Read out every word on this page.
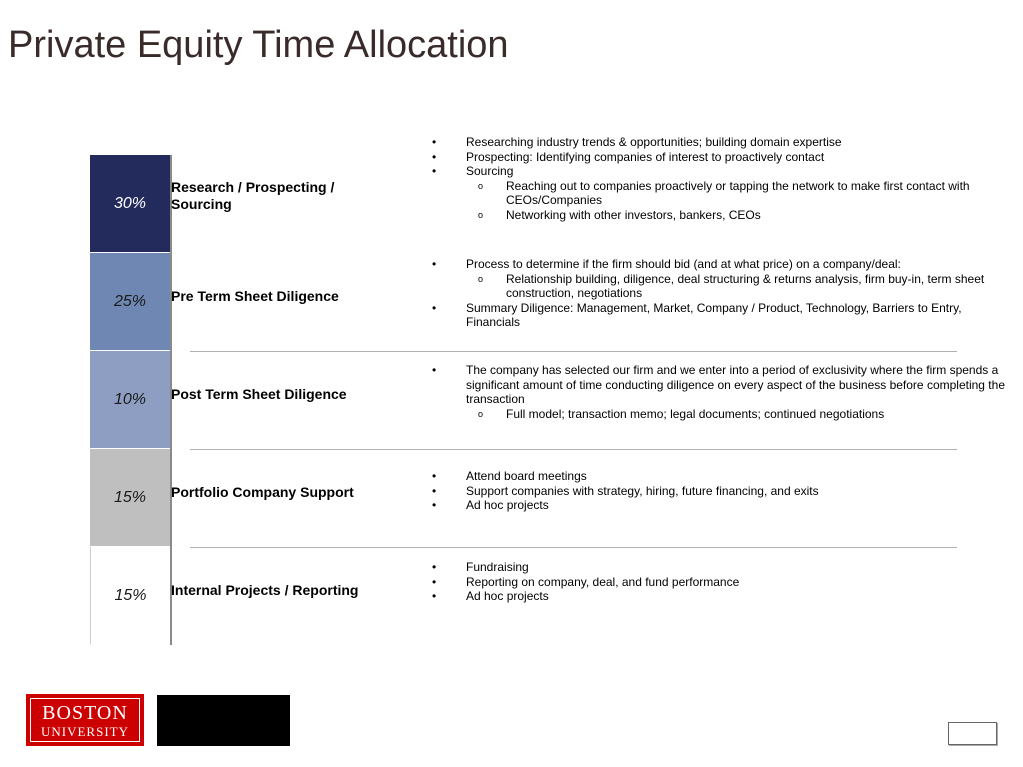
Private Equity Time Allocation
30%
25%
10%
15%
15%
Research / Prospecting / Sourcing
Pre Term Sheet Diligence
Post Term Sheet Diligence
Portfolio Company Support
Internal Projects / Reporting
• Researching industry trends & opportunities; building domain expertise
• Prospecting: Identifying companies of interest to proactively contact
• Sourcing
o Reaching out to companies proactively or tapping the network to make first contact with CEOs/Companies
o Networking with other investors, bankers, CEOs
• Process to determine if the firm should bid (and at what price) on a company/deal:
o Relationship building, diligence, deal structuring & returns analysis, firm buy-in, term sheet construction, negotiations
• Summary Diligence: Management, Market, Company / Product, Technology, Barriers to Entry, Financials
• The company has selected our firm and we enter into a period of exclusivity where the firm spends a significant amount of time conducting diligence on every aspect of the business before completing the transaction
o Full model; transaction memo; legal documents; continued negotiations
• Attend board meetings
• Support companies with strategy, hiring, future financing, and exits
• Ad hoc projects
• Fundraising
• Reporting on company, deal, and fund performance
• Ad hoc projects
BOSTON
UNIVERSITY
